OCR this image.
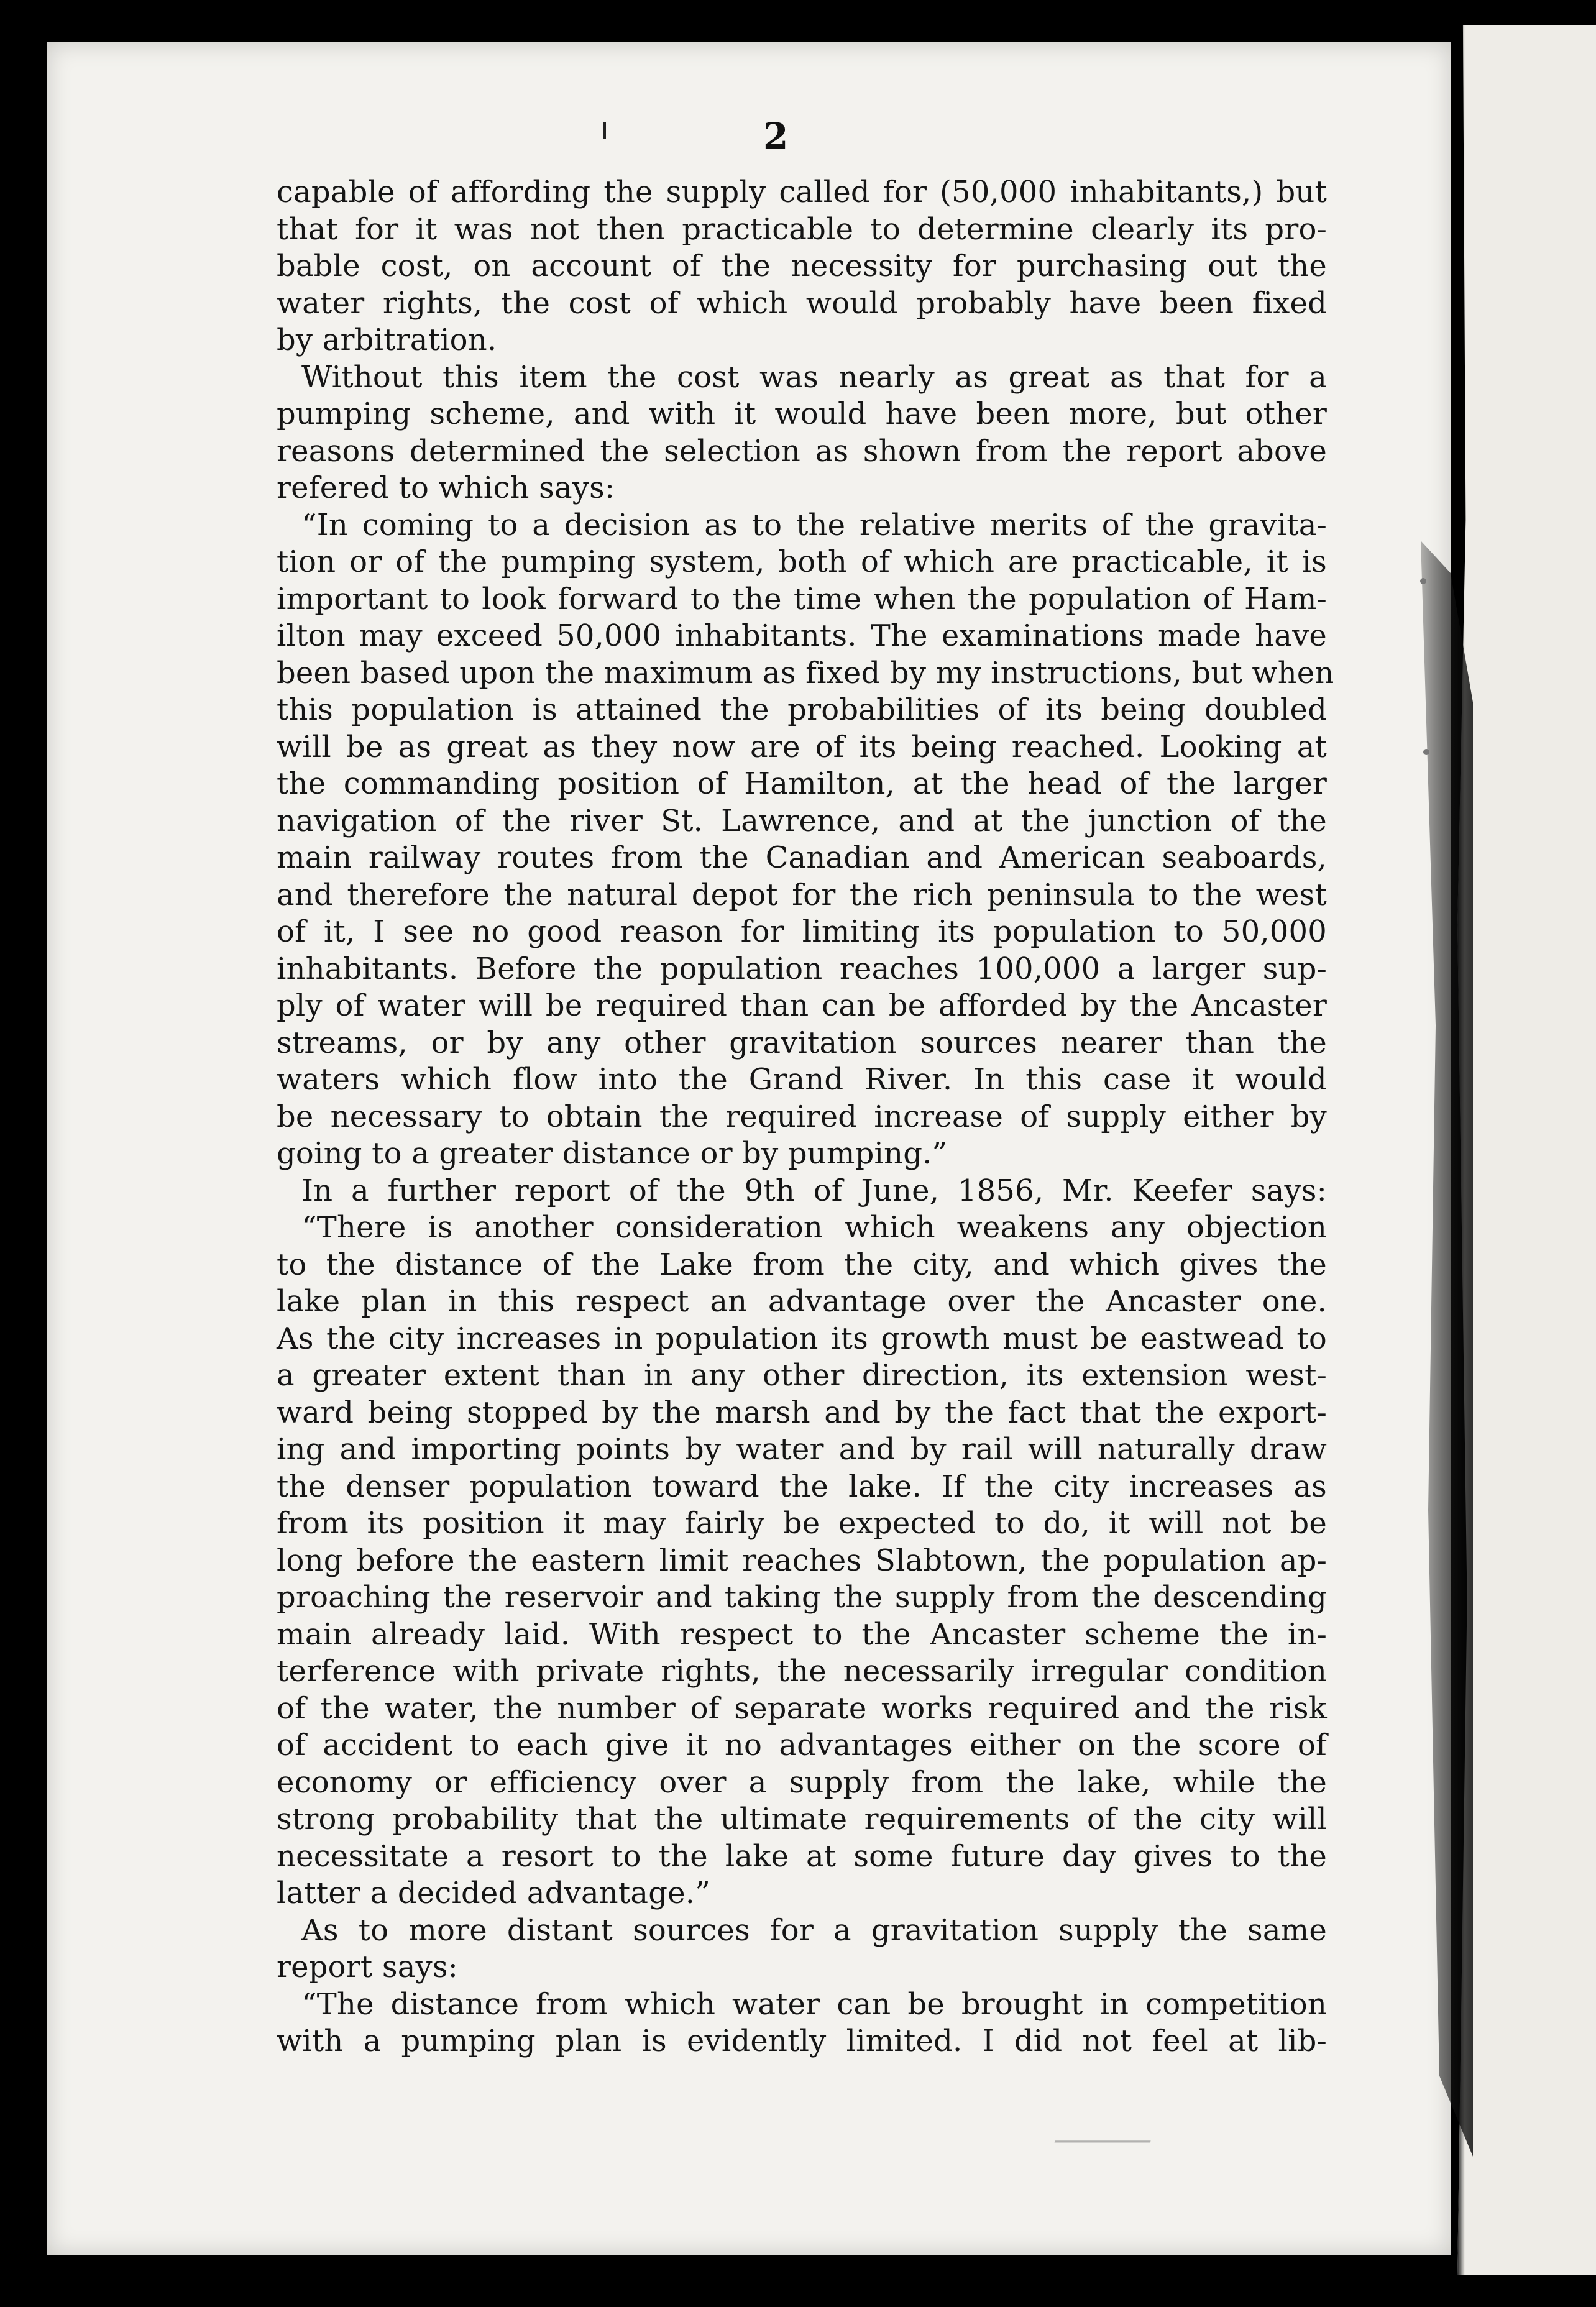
2
capable of affording the supply called for (50,000 inhabitants,) but
that for it was not then practicable to determine clearly its pro-
bable cost, on account of the necessity for purchasing out the
water rights, the cost of which would probably have been fixed
by arbitration.
Without this item the cost was nearly as great as that for a
pumping scheme, and with it would have been more, but other
reasons determined the selection as shown from the report above
refered to which says:
“In coming to a decision as to the relative merits of the gravita-
tion or of the pumping system, both of which are practicable, it is
important to look forward to the time when the population of Ham-
ilton may exceed 50,000 inhabitants. The examinations made have
been based upon the maximum as fixed by my instructions, but when
this population is attained the probabilities of its being doubled
will be as great as they now are of its being reached. Looking at
the commanding position of Hamilton, at the head of the larger
navigation of the river St. Lawrence, and at the junction of the
main railway routes from the Canadian and American seaboards,
and therefore the natural depot for the rich peninsula to the west
of it, I see no good reason for limiting its population to 50,000
inhabitants. Before the population reaches 100,000 a larger sup-
ply of water will be required than can be afforded by the Ancaster
streams, or by any other gravitation sources nearer than the
waters which flow into the Grand River. In this case it would
be necessary to obtain the required increase of supply either by
going to a greater distance or by pumping.”
In a further report of the 9th of June, 1856, Mr. Keefer says:
“There is another consideration which weakens any objection
to the distance of the Lake from the city, and which gives the
lake plan in this respect an advantage over the Ancaster one.
As the city increases in population its growth must be eastwead to
a greater extent than in any other direction, its extension west-
ward being stopped by the marsh and by the fact that the export-
ing and importing points by water and by rail will naturally draw
the denser population toward the lake. If the city increases as
from its position it may fairly be expected to do, it will not be
long before the eastern limit reaches Slabtown, the population ap-
proaching the reservoir and taking the supply from the descending
main already laid. With respect to the Ancaster scheme the in-
terference with private rights, the necessarily irregular condition
of the water, the number of separate works required and the risk
of accident to each give it no advantages either on the score of
economy or efficiency over a supply from the lake, while the
strong probability that the ultimate requirements of the city will
necessitate a resort to the lake at some future day gives to the
latter a decided advantage.”
As to more distant sources for a gravitation supply the same
report says:
“The distance from which water can be brought in competition
with a pumping plan is evidently limited. I did not feel at lib-
⸻
